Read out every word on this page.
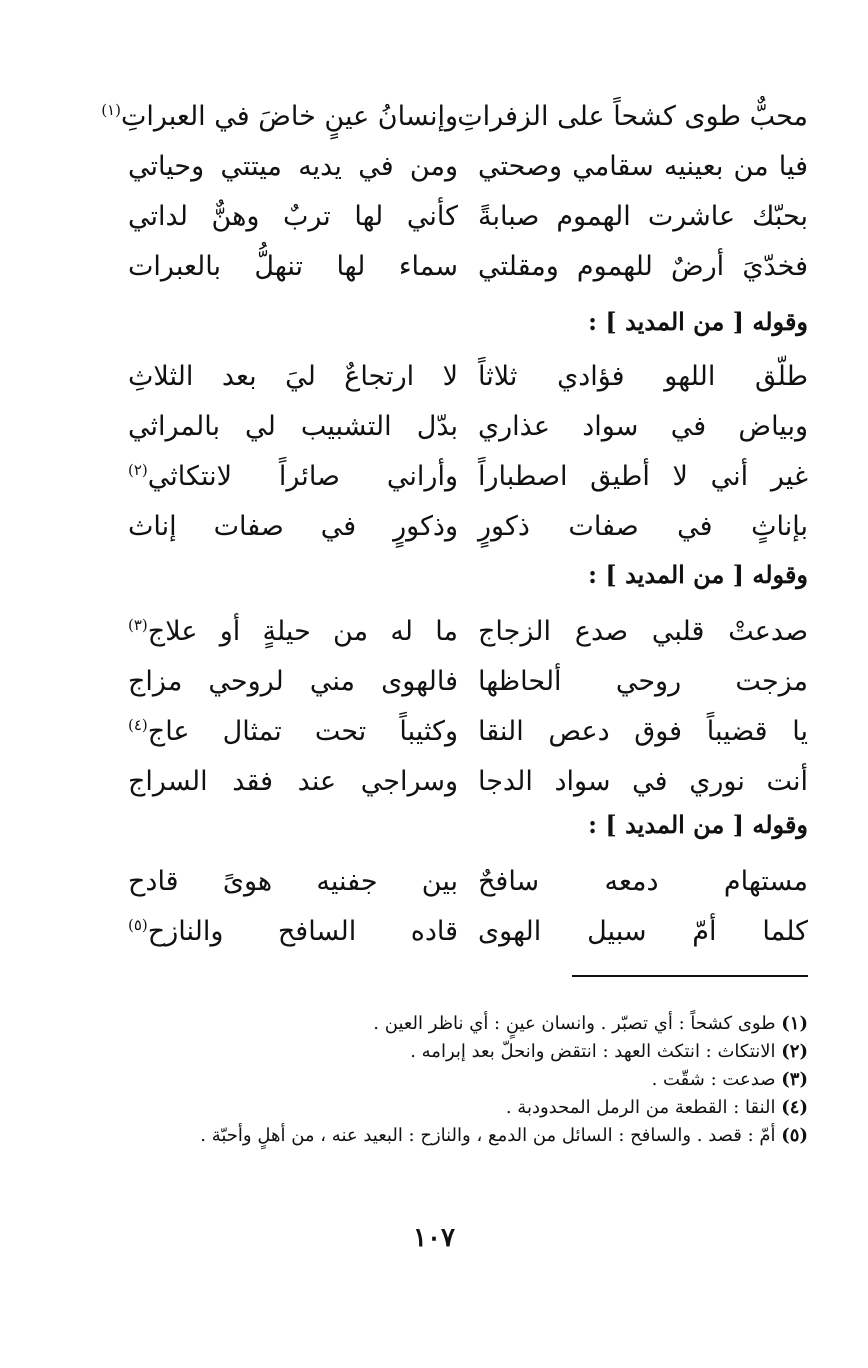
محبٌّ طوى كشحاً على الزفراتِ
وإنسانُ عينٍ خاضَ في العبراتِ$^{(١)}$
فيا من بعينيه سقامي وصحتي
ومن في يديه ميتتي وحياتي
بحبّك عاشرت الهموم صبابةً
كأني لها تربٌ وهنٌّ لداتي
فخدّيَ أرضٌ للهموم ومقلتي
سماء لها تنهلُّ بالعبرات
وقوله [ من المديد ] :
طلّق اللهو فؤادي ثلاثاً
لا ارتجاعٌ ليَ بعد الثلاثِ
وبياض في سواد عذاري
بدّل التشبيب لي بالمراثي
غير أني لا أطيق اصطباراً
وأراني صائراً لانتكاثي$^{(٢)}$
بإناثٍ في صفات ذكورٍ
وذكورٍ في صفات إناث
وقوله [ من المديد ] :
صدعتْ قلبي صدع الزجاج
ما له من حيلةٍ أو علاج$^{(٣)}$
مزجت روحي ألحاظها
فالهوى مني لروحي مزاج
يا قضيباً فوق دعص النقا
وكثيباً تحت تمثال عاج$^{(٤)}$
أنت نوري في سواد الدجا
وسراجي عند فقد السراج
وقوله [ من المديد ] :
مستهام دمعه سافحٌ
بين جفنيه هوىً قادح
كلما أمّ سبيل الهوى
قاده السافح والنازح$^{(٥)}$
(١) طوى كشحاً : أي تصبّر . وانسان عينٍ : أي ناظر العين .
(٢) الانتكاث : انتكث العهد : انتقض وانحلّ بعد إبرامه .
(٣) صدعت : شقّت .
(٤) النقا : القطعة من الرمل المحدودبة .
(٥) أمّ : قصد . والسافح : السائل من الدمع ، والنازح : البعيد عنه ، من أهلٍ وأحبّة .
١٠٧
